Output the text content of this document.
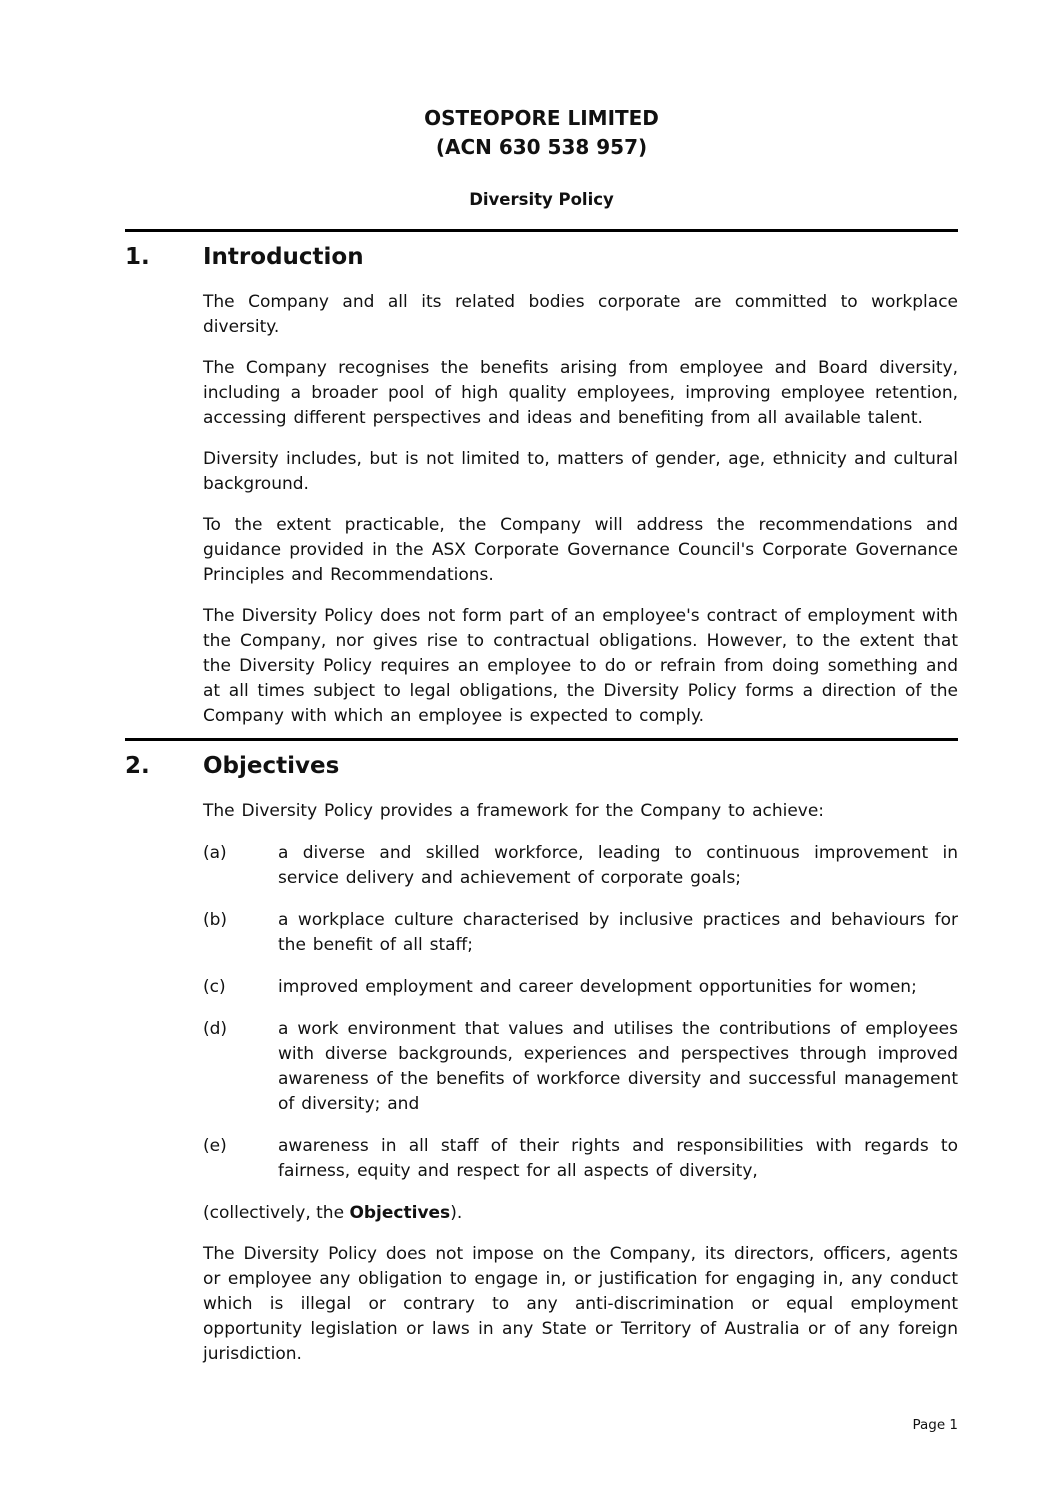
OSTEOPORE LIMITED
(ACN 630 538 957)
Diversity Policy
1.	Introduction

The Company and all its related bodies corporate are committed to workplace diversity.

The Company recognises the benefits arising from employee and Board diversity, including a broader pool of high quality employees, improving employee retention, accessing different perspectives and ideas and benefiting from all available talent.

Diversity includes, but is not limited to, matters of gender, age, ethnicity and cultural background.

To the extent practicable, the Company will address the recommendations and guidance provided in the ASX Corporate Governance Council's Corporate Governance Principles and Recommendations.

The Diversity Policy does not form part of an employee's contract of employment with the Company, nor gives rise to contractual obligations. However, to the extent that the Diversity Policy requires an employee to do or refrain from doing something and at all times subject to legal obligations, the Diversity Policy forms a direction of the Company with which an employee is expected to comply.

2.	Objectives

The Diversity Policy provides a framework for the Company to achieve:

(a)	a diverse and skilled workforce, leading to continuous improvement in service delivery and achievement of corporate goals;
(b)	a workplace culture characterised by inclusive practices and behaviours for the benefit of all staff;
(c)	improved employment and career development opportunities for women;
(d)	a work environment that values and utilises the contributions of employees with diverse backgrounds, experiences and perspectives through improved awareness of the benefits of workforce diversity and successful management of diversity; and
(e)	awareness in all staff of their rights and responsibilities with regards to fairness, equity and respect for all aspects of diversity,

(collectively, the Objectives).

The Diversity Policy does not impose on the Company, its directors, officers, agents or employee any obligation to engage in, or justification for engaging in, any conduct which is illegal or contrary to any anti-discrimination or equal employment opportunity legislation or laws in any State or Territory of Australia or of any foreign jurisdiction.

Page 1
